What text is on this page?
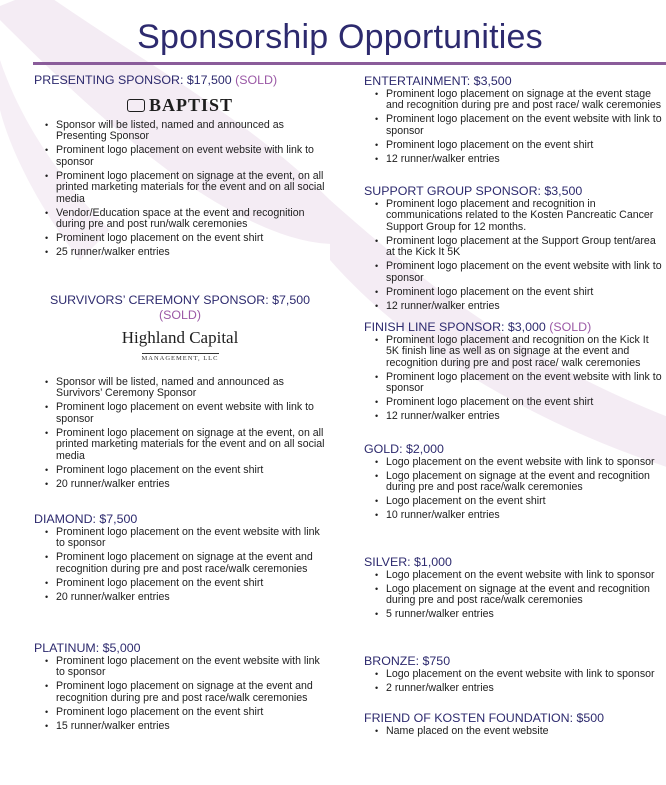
Sponsorship Opportunities
PRESENTING SPONSOR: $17,500 (SOLD)
BAPTIST
• Sponsor will be listed, named and announced as Presenting Sponsor
• Prominent logo placement on event website with link to sponsor
• Prominent logo placement on signage at the event, on all printed marketing materials for the event and on all social media
• Vendor/Education space at the event and recognition during pre and post run/walk ceremonies
• Prominent logo placement on the event shirt
• 25 runner/walker entries
SURVIVORS’ CEREMONY SPONSOR: $7,500
(SOLD)
Highland Capital
MANAGEMENT, LLC
• Sponsor will be listed, named and announced as Survivors’ Ceremony Sponsor
• Prominent logo placement on event website with link to sponsor
• Prominent logo placement on signage at the event, on all printed marketing materials for the event and on all social media
• Prominent logo placement on the event shirt
• 20 runner/walker entries
DIAMOND: $7,500
• Prominent logo placement on the event website with link to sponsor
• Prominent logo placement on signage at the event and recognition during pre and post race/walk ceremonies
• Prominent logo placement on the event shirt
• 20 runner/walker entries
PLATINUM: $5,000
• Prominent logo placement on the event website with link to sponsor
• Prominent logo placement on signage at the event and recognition during pre and post race/walk ceremonies
• Prominent logo placement on the event shirt
• 15 runner/walker entries
ENTERTAINMENT: $3,500
• Prominent logo placement on signage at the event stage and recognition during pre and post race/ walk ceremonies
• Prominent logo placement on the event website with link to sponsor
• Prominent logo placement on the event shirt
• 12 runner/walker entries
SUPPORT GROUP SPONSOR: $3,500
• Prominent logo placement and recognition in communications related to the Kosten Pancreatic Cancer Support Group for 12 months.
• Prominent logo placement at the Support Group tent/area at the Kick It 5K
• Prominent logo placement on the event website with link to sponsor
• Prominent logo placement on the event shirt
• 12 runner/walker entries
FINISH LINE SPONSOR: $3,000 (SOLD)
• Prominent logo placement and recognition on the Kick It 5K finish line as well as on signage at the event and recognition during pre and post race/ walk ceremonies
• Prominent logo placement on the event website with link to sponsor
• Prominent logo placement on the event shirt
• 12 runner/walker entries
GOLD: $2,000
• Logo placement on the event website with link to sponsor
• Logo placement on signage at the event and recognition during pre and post race/walk ceremonies
• Logo placement on the event shirt
• 10 runner/walker entries
SILVER: $1,000
• Logo placement on the event website with link to sponsor
• Logo placement on signage at the event and recognition during pre and post race/walk ceremonies
• 5 runner/walker entries
BRONZE: $750
• Logo placement on the event website with link to sponsor
• 2 runner/walker entries
FRIEND OF KOSTEN FOUNDATION: $500
• Name placed on the event website
